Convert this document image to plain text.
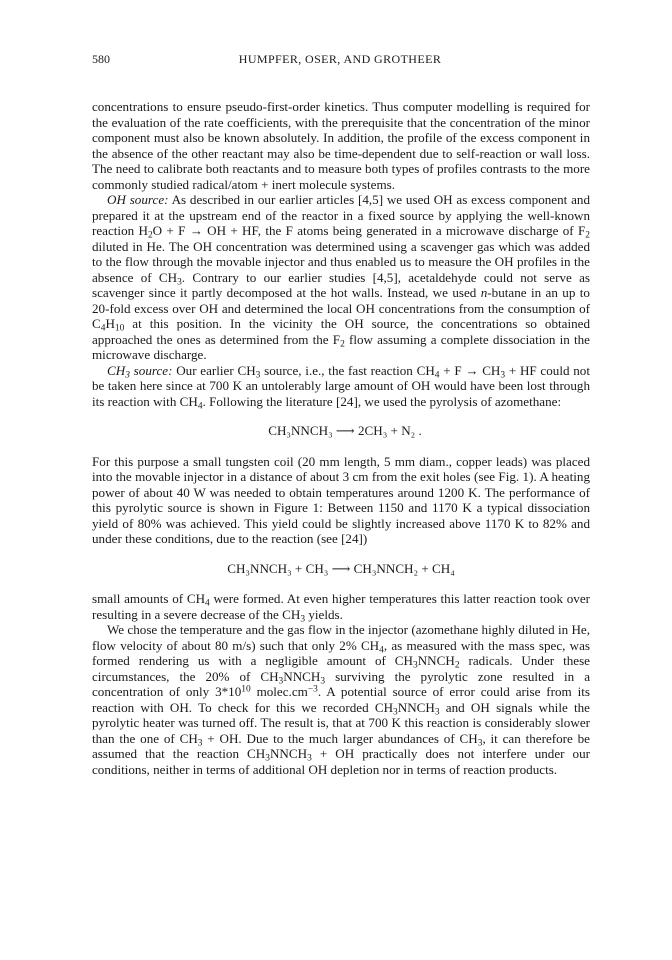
580	HUMPFER, OSER, AND GROTHEER

concentrations to ensure pseudo-first-order kinetics. Thus computer modelling is required for the evaluation of the rate coefficients, with the prerequisite that the concentration of the minor component must also be known absolutely. In addition, the profile of the excess component in the absence of the other reactant may also be time-dependent due to self-reaction or wall loss. The need to calibrate both reactants and to measure both types of profiles contrasts to the more commonly studied radical/atom + inert molecule systems.

OH source: As described in our earlier articles [4,5] we used OH as excess component and prepared it at the upstream end of the reactor in a fixed source by applying the well-known reaction $H_2O + F$ → OH + HF, the F atoms being generated in a microwave discharge of $F_2$ diluted in He. The OH concentration was determined using a scavenger gas which was added to the flow through the movable injector and thus enabled us to measure the OH profiles in the absence of $CH_3$. Contrary to our earlier studies [4,5], acetaldehyde could not serve as scavenger since it partly decomposed at the hot walls. Instead, we used n-butane in an up to 20-fold excess over OH and determined the local OH concentrations from the consumption of $C_4H_{10}$ at this position. In the vicinity the OH source, the concentrations so obtained approached the ones as determined from the $F_2$ flow assuming a complete dissociation in the microwave discharge.

$CH_3$ source: Our earlier $CH_3$ source, i.e., the fast reaction $CH_4 + F \to CH_3$ + HF could not be taken here since at 700 K an untolerably large amount of OH would have been lost through its reaction with $CH_4$. Following the literature [24], we used the pyrolysis of azomethane:

CH₃NNCH₃ ⟶ 2CH₃ + N₂ .

For this purpose a small tungsten coil (20 mm length, 5 mm diam., copper leads) was placed into the movable injector in a distance of about 3 cm from the exit holes (see Fig. 1). A heating power of about 40 W was needed to obtain temperatures around 1200 K. The performance of this pyrolytic source is shown in Figure 1: Between 1150 and 1170 K a typical dissociation yield of 80% was achieved. This yield could be slightly increased above 1170 K to 82% and under these conditions, due to the reaction (see [24])

CH₃NNCH₃ + CH₃ ⟶ CH₃NNCH₂ + CH₄

small amounts of $CH_4$ were formed. At even higher temperatures this latter reaction took over resulting in a severe decrease of the $CH_3$ yields.

We chose the temperature and the gas flow in the injector (azomethane highly diluted in He, flow velocity of about 80 m/s) such that only 2% $CH_4$, as measured with the mass spec, was formed rendering us with a negligible amount of $CH_3NNCH_2$ radicals. Under these circumstances, the 20% of $CH_3NNCH_3$ surviving the pyrolytic zone resulted in a concentration of only $3*10^{10}$ $molec.cm^{-3}$. A potential source of error could arise from its reaction with OH. To check for this we recorded $CH_3NNCH_3$ and OH signals while the pyrolytic heater was turned off. The result is, that at 700 K this reaction is considerably slower than the one of $CH_3$ + OH. Due to the much larger abundances of $CH_3$, it can therefore be assumed that the reaction $CH_3NNCH_3$ + OH practically does not interfere under our conditions, neither in terms of additional OH depletion nor in terms of reaction products.
